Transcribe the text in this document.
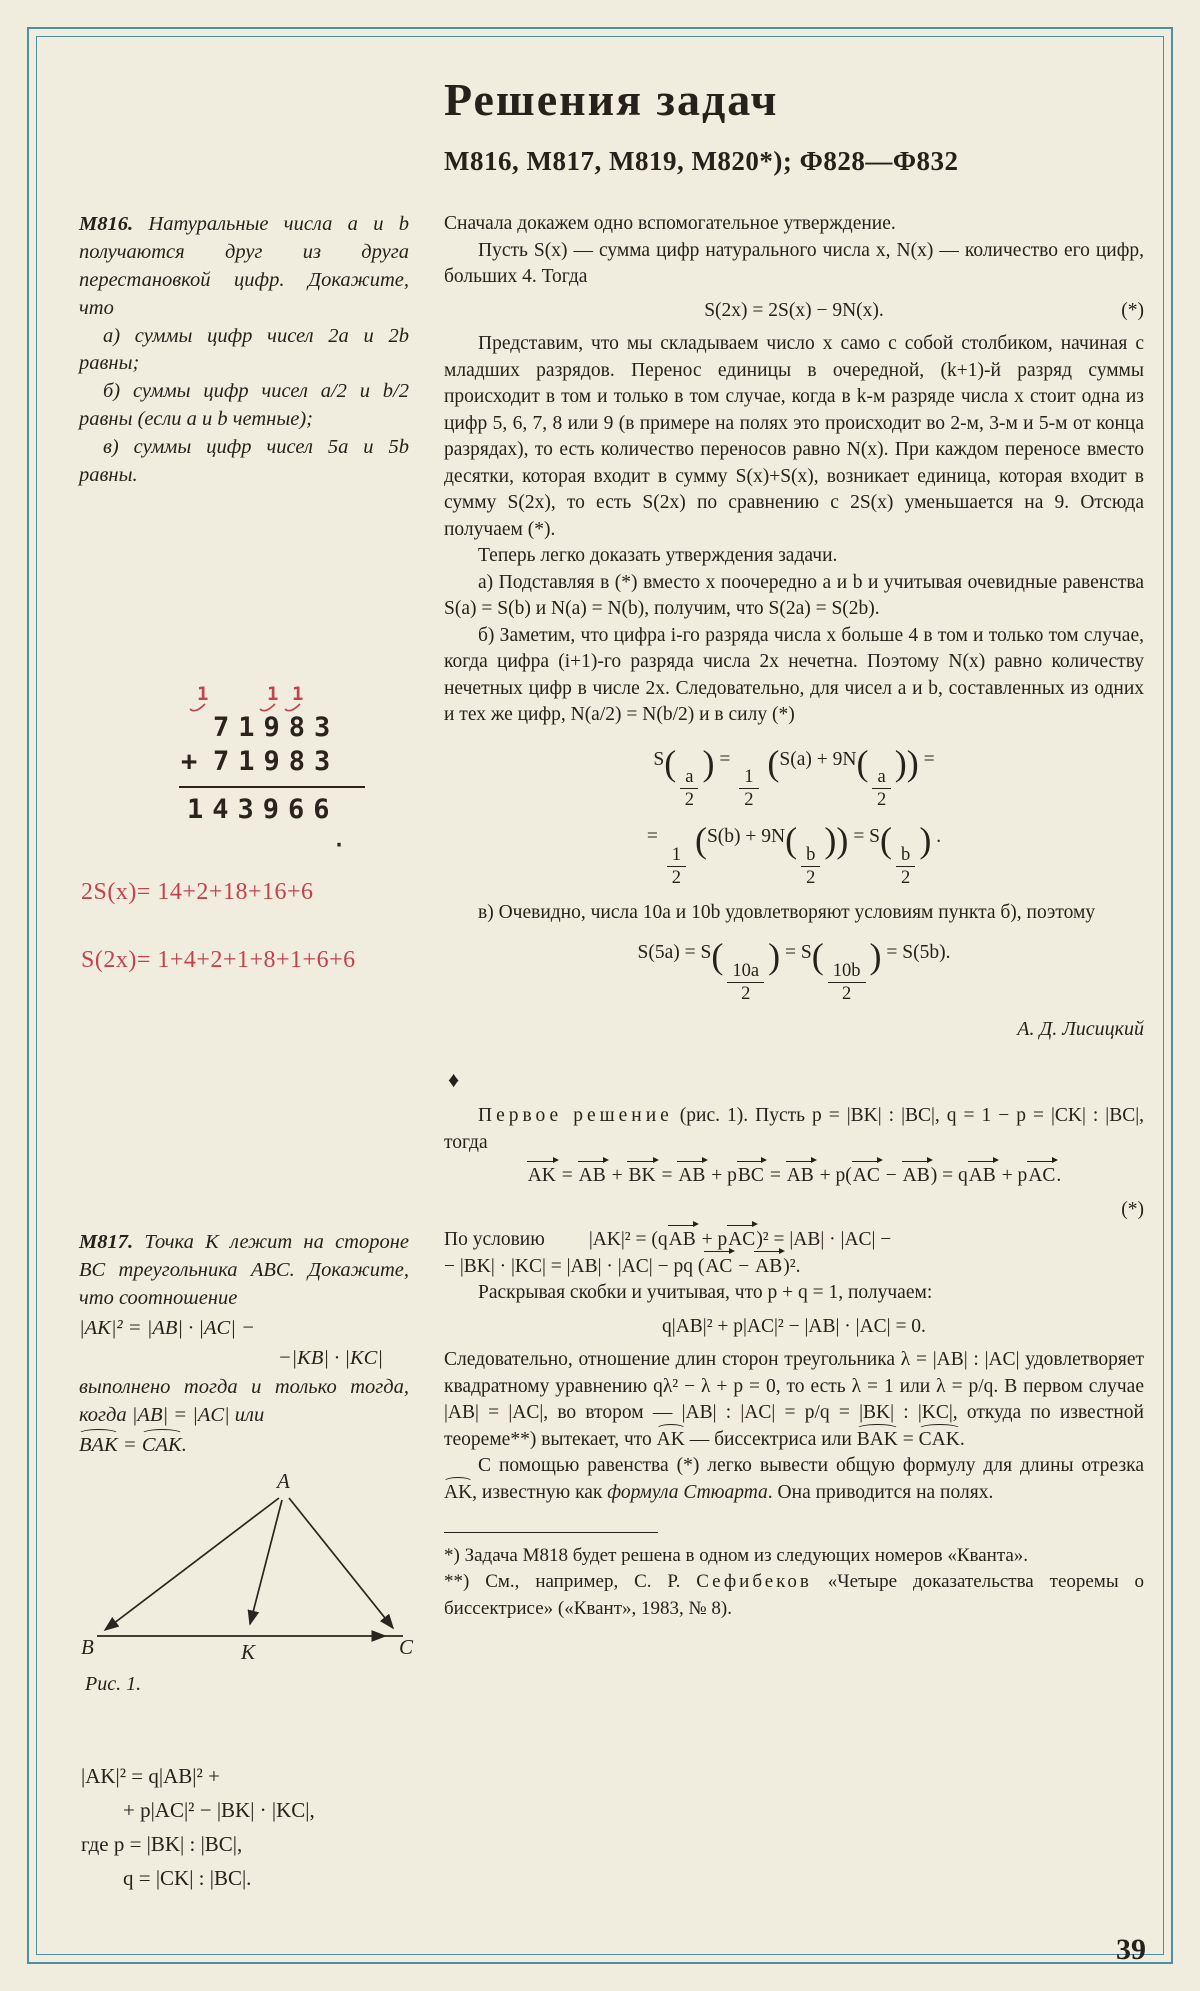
Решения задач
М816, М817, М819, М820*); Ф828—Ф832
М816. Натуральные числа a и b получаются друг из друга перестановкой цифр. Докажите, что
а) суммы цифр чисел 2a и 2b равны;
б) суммы цифр чисел a/2 и b/2 равны (если a и b четные);
в) суммы цифр чисел 5a и 5b равны.
1	1 1
71983
+ 71983
143966
·
2S(x)= 14+2+18+16+6
S(2x)= 1+4+2+1+8+1+6+6
М817. Точка K лежит на стороне BC треугольника ABC. Докажите, что соотношение
|AK|² = |AB| · |AC| −
−|KB| · |KC|
выполнено тогда и только тогда, когда |AB| = |AC| или
BAK = CAK.
A
B	C
K
Рис. 1.
|AK|² = q|AB|² +
+ p|AC|² − |BK| · |KC|,
где p = |BK| : |BC|,
q = |CK| : |BC|.

Сначала докажем одно вспомогательное утверждение.

Пусть S(x) — сумма цифр натурального числа x, N(x) — количество его цифр, больших 4. Тогда

S(2x) = 2S(x) − 9N(x).	(*)

Представим, что мы складываем число x само с собой столбиком, начиная с младших разрядов. Перенос единицы в очередной, (k+1)-й разряд суммы происходит в том и только в том случае, когда в k-м разряде числа x стоит одна из цифр 5, 6, 7, 8 или 9 (в примере на полях это происходит во 2-м, 3-м и 5-м от конца разрядах), то есть количество переносов равно N(x). При каждом переносе вместо десятки, которая входит в сумму S(x)+S(x), возникает единица, которая входит в сумму S(2x), то есть S(2x) по сравнению с 2S(x) уменьшается на 9. Отсюда получаем (*).

Теперь легко доказать утверждения задачи.

а) Подставляя в (*) вместо x поочередно a и b и учитывая очевидные равенства S(a) = S(b) и N(a) = N(b), получим, что S(2a) = S(2b).

б) Заметим, что цифра i-го разряда числа x больше 4 в том и только том случае, когда цифра (i+1)-го разряда числа 2x нечетна. Поэтому N(x) равно количеству нечетных цифр в числе 2x. Следовательно, для чисел a и b, составленных из одних и тех же цифр, N(a/2) = N(b/2) и в силу (*)

S(
$\frac{a}{2}$
) =
$\frac{1}{2}$
(S(a) + 9N(
$\frac{a}{2}$
)) =
=
$\frac{1}{2}$
(S(b) + 9N(
$\frac{b}{2}$
)) = S(
$\frac{b}{2}$
) .

в) Очевидно, числа 10a и 10b удовлетворяют условиям пункта б), поэтому

S(5a) = S(
$\frac{10a}{2}$
) = S(
$\frac{10b}{2}$
) = S(5b).
А. Д. Лисицкий
♦

Первое решение (рис. 1). Пусть p = |BK| : |BC|, q = 1 − p = |CK| : |BC|, тогда

AK = AB + BK = AB + pBC = AB + p(AC − AB) = qAB + pAC.
(*)

По условию |AK|² = (qAB + pAC)² = |AB| · |AC| −

− |BK| · |KC| = |AB| · |AC| − pq (AC − AB)².

Раскрывая скобки и учитывая, что p + q = 1, получаем:

q|AB|² + p|AC|² − |AB| · |AC| = 0.

Следовательно, отношение длин сторон треугольника λ = |AB| : |AC| удовлетворяет квадратному уравнению qλ² − λ + p = 0, то есть λ = 1 или λ = p/q. В первом случае |AB| = |AC|, во втором — |AB| : |AC| = p/q = |BK| : |KC|, откуда по известной теореме**) вытекает, что AK — биссектриса или BAK = CAK.

С помощью равенства (*) легко вывести общую формулу для длины отрезка AK, известную как формула Стюарта. Она приводится на полях.

*) Задача М818 будет решена в одном из следующих номеров «Кванта».

**) См., например, С. Р. Сефибеков «Четыре доказательства теоремы о биссектрисе» («Квант», 1983, № 8).

39
